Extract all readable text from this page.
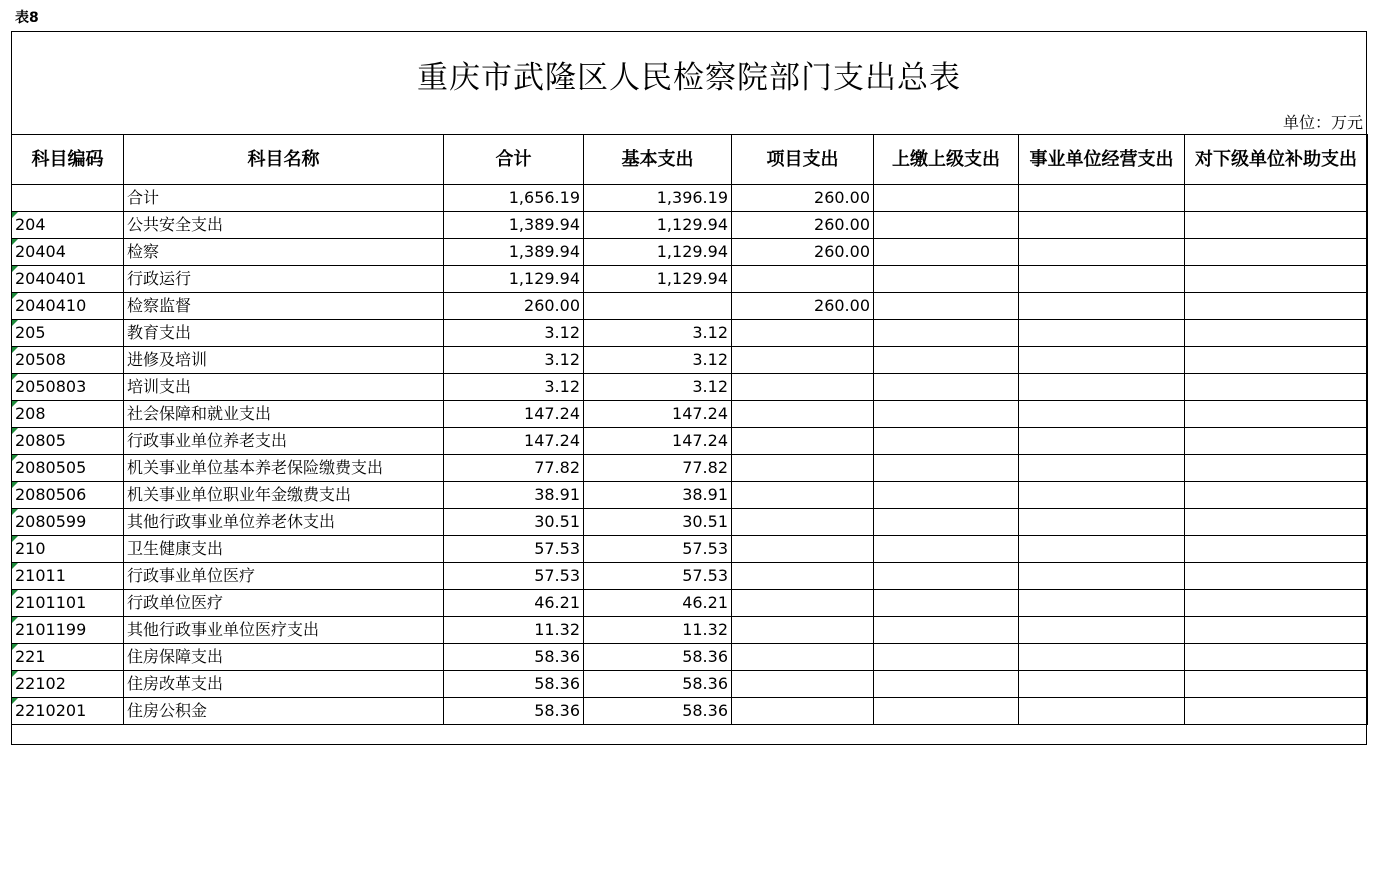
表8
重庆市武隆区人民检察院部门支出总表
单位：万元
科目编码	科目名称	合计	基本支出	项目支出	上缴上级支出	事业单位经营支出	对下级单位补助支出
	合计	1,656.19	1,396.19	260.00			

204	公共安全支出	1,389.94	1,129.94	260.00			

20404	检察	1,389.94	1,129.94	260.00			

2040401	行政运行	1,129.94	1,129.94				

2040410	检察监督	260.00		260.00			

205	教育支出	3.12	3.12				

20508	进修及培训	3.12	3.12				

2050803	培训支出	3.12	3.12				

208	社会保障和就业支出	147.24	147.24				

20805	行政事业单位养老支出	147.24	147.24				

2080505	机关事业单位基本养老保险缴费支出	77.82	77.82				

2080506	机关事业单位职业年金缴费支出	38.91	38.91				

2080599	其他行政事业单位养老休支出	30.51	30.51				

210	卫生健康支出	57.53	57.53				

21011	行政事业单位医疗	57.53	57.53				

2101101	行政单位医疗	46.21	46.21				

2101199	其他行政事业单位医疗支出	11.32	11.32				

221	住房保障支出	58.36	58.36				

22102	住房改革支出	58.36	58.36				

2210201	住房公积金	58.36	58.36				
